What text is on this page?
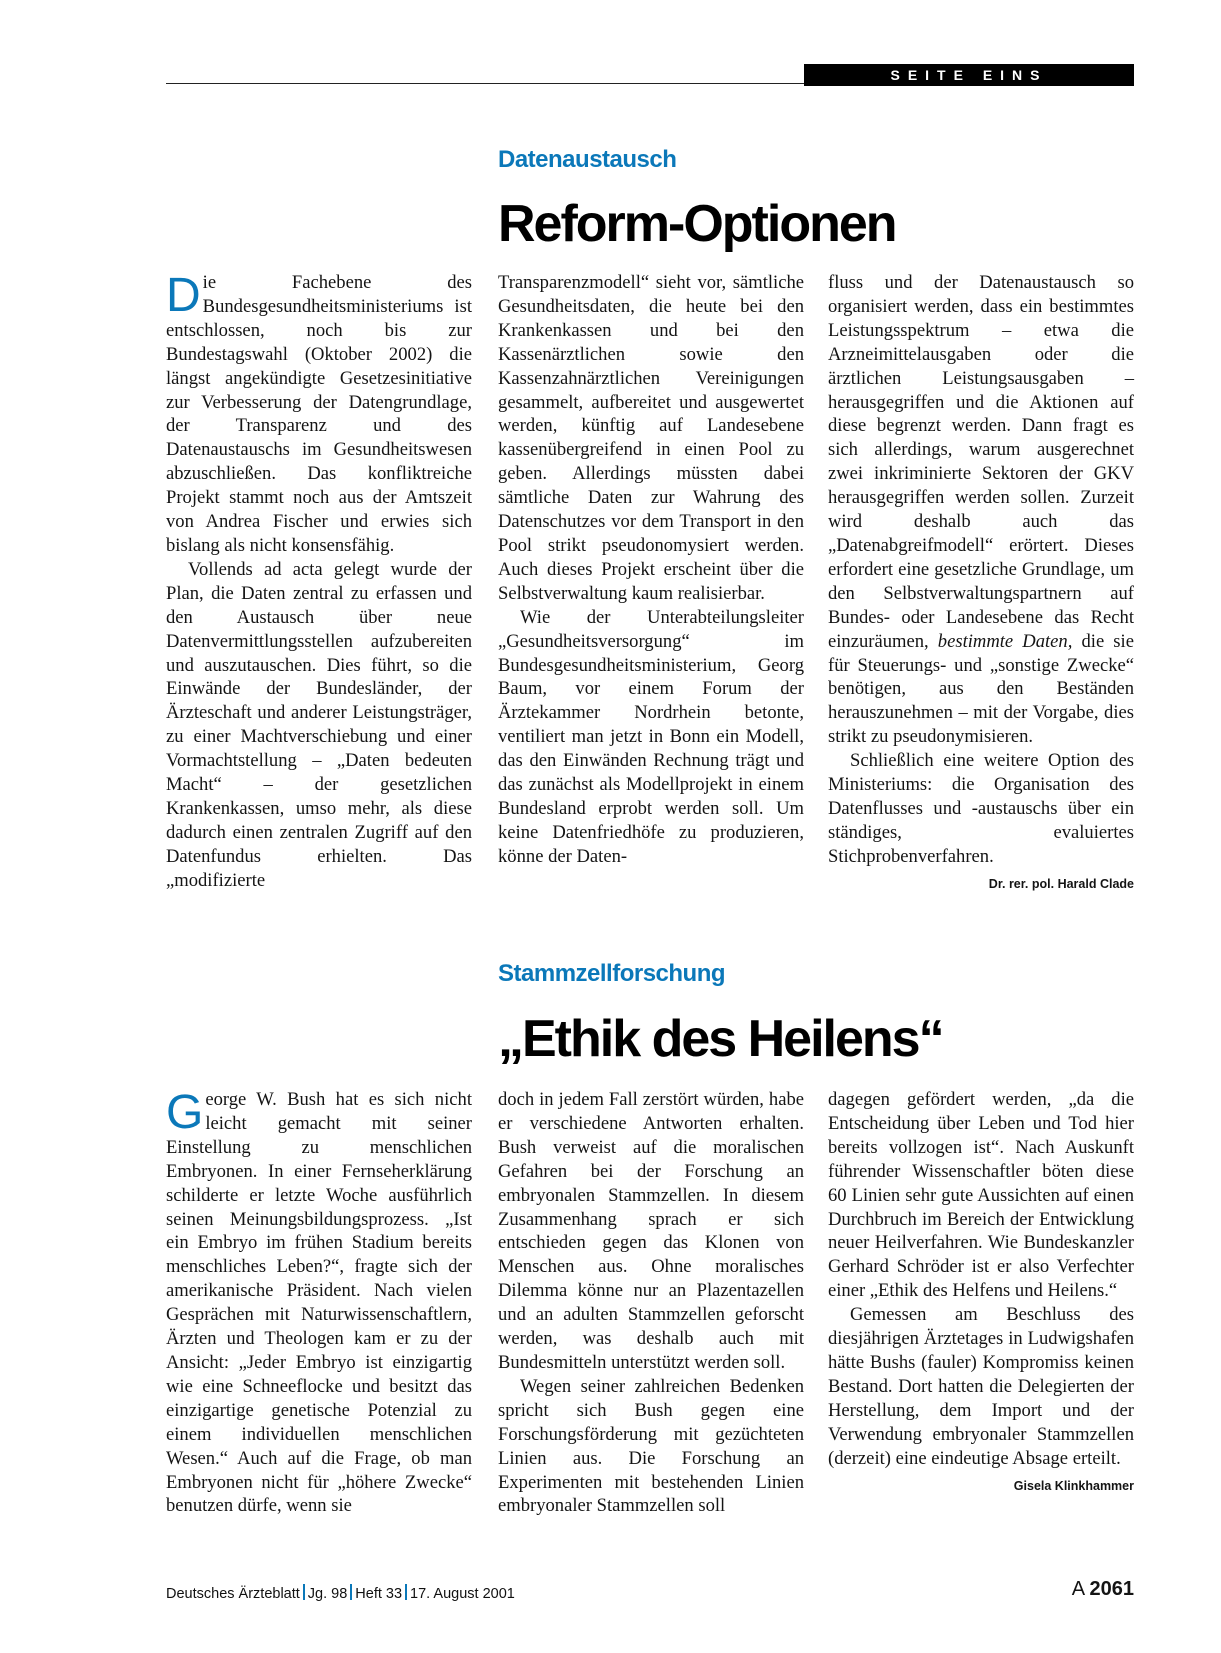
SEITE EINS
Datenaustausch
Reform-Optionen

Die Fachebene des Bundesgesundheitsministeriums ist entschlossen, noch bis zur Bundestagswahl (Oktober 2002) die längst angekündigte Gesetzesinitiative zur Verbesserung der Datengrundlage, der Transparenz und des Datenaustauschs im Gesundheitswesen abzuschließen. Das konfliktreiche Projekt stammt noch aus der Amtszeit von Andrea Fischer und erwies sich bislang als nicht konsensfähig.

Vollends ad acta gelegt wurde der Plan, die Daten zentral zu erfassen und den Austausch über neue Datenvermittlungsstellen aufzubereiten und auszutauschen. Dies führt, so die Einwände der Bundesländer, der Ärzteschaft und anderer Leistungsträger, zu einer Machtverschiebung und einer Vormachtstellung – „Daten bedeuten Macht“ – der gesetzlichen Krankenkassen, umso mehr, als diese dadurch einen zentralen Zugriff auf den Datenfundus erhielten. Das „modifizierte

Transparenzmodell“ sieht vor, sämtliche Gesundheitsdaten, die heute bei den Krankenkassen und bei den Kassenärztlichen sowie den Kassenzahnärztlichen Vereinigungen gesammelt, aufbereitet und ausgewertet werden, künftig auf Landesebene kassenübergreifend in einen Pool zu geben. Allerdings müssten dabei sämtliche Daten zur Wahrung des Datenschutzes vor dem Transport in den Pool strikt pseudonomysiert werden. Auch dieses Projekt erscheint über die Selbstverwaltung kaum realisierbar.

Wie der Unterabteilungsleiter „Gesundheitsversorgung“ im Bundesgesundheitsministerium, Georg Baum, vor einem Forum der Ärztekammer Nordrhein betonte, ventiliert man jetzt in Bonn ein Modell, das den Einwänden Rechnung trägt und das zunächst als Modellprojekt in einem Bundesland erprobt werden soll. Um keine Datenfriedhöfe zu produzieren, könne der Daten-

fluss und der Datenaustausch so organisiert werden, dass ein bestimmtes Leistungsspektrum – etwa die Arzneimittelausgaben oder die ärztlichen Leistungsausgaben – herausgegriffen und die Aktionen auf diese begrenzt werden. Dann fragt es sich allerdings, warum ausgerechnet zwei inkriminierte Sektoren der GKV herausgegriffen werden sollen. Zurzeit wird deshalb auch das „Datenabgreifmodell“ erörtert. Dieses erfordert eine gesetzliche Grundlage, um den Selbstverwaltungspartnern auf Bundes- oder Landesebene das Recht einzuräumen, bestimmte Daten, die sie für Steuerungs- und „sonstige Zwecke“ benötigen, aus den Beständen herauszunehmen – mit der Vorgabe, dies strikt zu pseudonymisieren.

Schließlich eine weitere Option des Ministeriums: die Organisation des Datenflusses und -austauschs über ein ständiges, evaluiertes Stichprobenverfahren.
Dr. rer. pol. Harald Clade

Stammzellforschung
„Ethik des Heilens“

George W. Bush hat es sich nicht leicht gemacht mit seiner Einstellung zu menschlichen Embryonen. In einer Fernseherklärung schilderte er letzte Woche ausführlich seinen Meinungsbildungsprozess. „Ist ein Embryo im frühen Stadium bereits menschliches Leben?“, fragte sich der amerikanische Präsident. Nach vielen Gesprächen mit Naturwissenschaftlern, Ärzten und Theologen kam er zu der Ansicht: „Jeder Embryo ist einzigartig wie eine Schneeflocke und besitzt das einzigartige genetische Potenzial zu einem individuellen menschlichen Wesen.“ Auch auf die Frage, ob man Embryonen nicht für „höhere Zwecke“ benutzen dürfe, wenn sie

doch in jedem Fall zerstört würden, habe er verschiedene Antworten erhalten. Bush verweist auf die moralischen Gefahren bei der Forschung an embryonalen Stammzellen. In diesem Zusammenhang sprach er sich entschieden gegen das Klonen von Menschen aus. Ohne moralisches Dilemma könne nur an Plazentazellen und an adulten Stammzellen geforscht werden, was deshalb auch mit Bundesmitteln unterstützt werden soll.

Wegen seiner zahlreichen Bedenken spricht sich Bush gegen eine Forschungsförderung mit gezüchteten Linien aus. Die Forschung an Experimenten mit bestehenden Linien embryonaler Stammzellen soll

dagegen gefördert werden, „da die Entscheidung über Leben und Tod hier bereits vollzogen ist“. Nach Auskunft führender Wissenschaftler böten diese 60 Linien sehr gute Aussichten auf einen Durchbruch im Bereich der Entwicklung neuer Heilverfahren. Wie Bundeskanzler Gerhard Schröder ist er also Verfechter einer „Ethik des Helfens und Heilens.“

Gemessen am Beschluss des diesjährigen Ärztetages in Ludwigshafen hätte Bushs (fauler) Kompromiss keinen Bestand. Dort hatten die Delegierten der Herstellung, dem Import und der Verwendung embryonaler Stammzellen (derzeit) eine eindeutige Absage erteilt.
Gisela Klinkhammer

Deutsches Ärzteblatt Jg. 98 Heft 33 17. August 2001	A 2061
